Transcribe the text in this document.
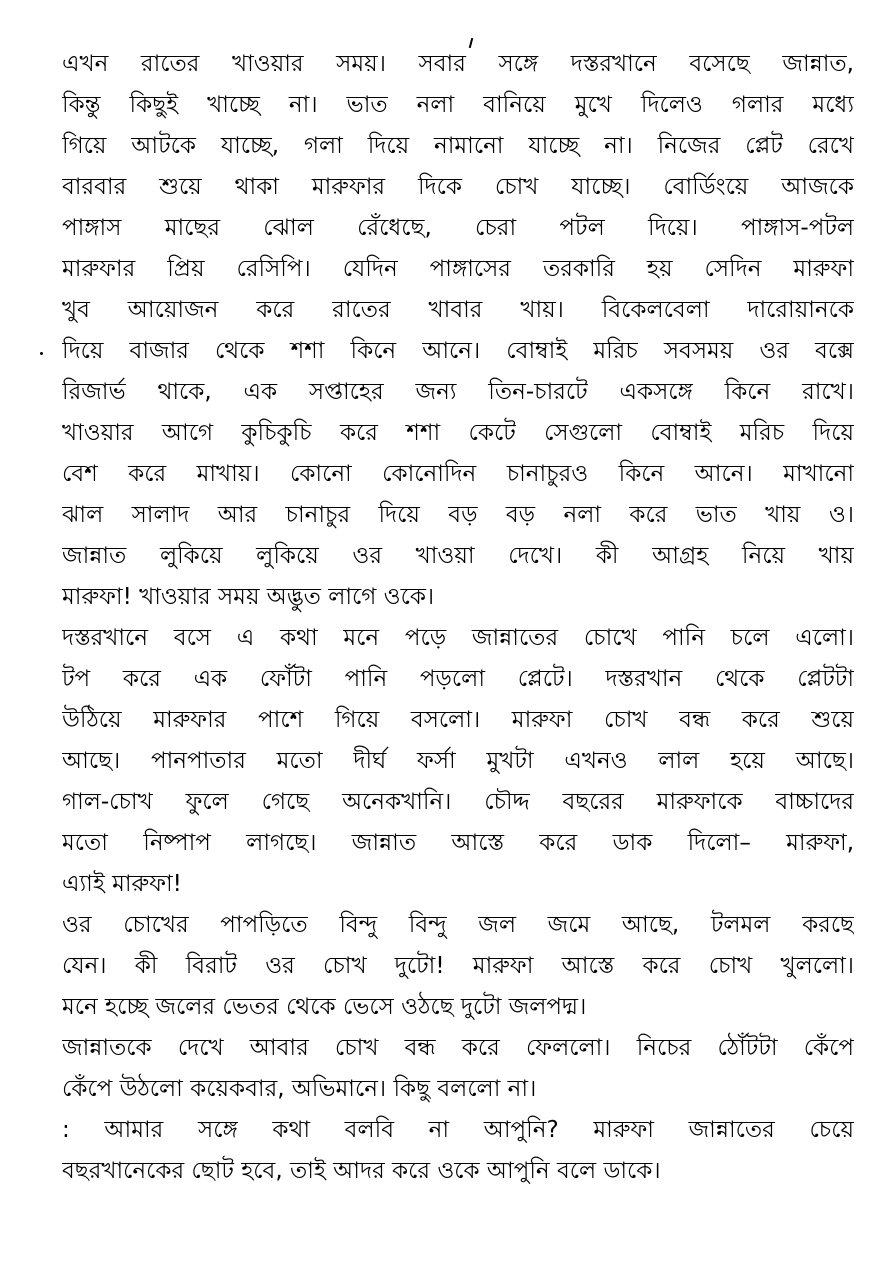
এখন রাতের খাওয়ার সময়। সবার সঙ্গে দস্তরখানে বসেছে জান্নাত,
কিন্তু কিছুই খাচ্ছে না। ভাত নলা বানিয়ে মুখে দিলেও গলার মধ্যে
গিয়ে আটকে যাচ্ছে, গলা দিয়ে নামানো যাচ্ছে না। নিজের প্লেট রেখে
বারবার শুয়ে থাকা মারুফার দিকে চোখ যাচ্ছে। বোর্ডিংয়ে আজকে
পাঙ্গাস মাছের ঝোল রেঁধেছে, চেরা পটল দিয়ে। পাঙ্গাস-পটল
মারুফার প্রিয় রেসিপি। যেদিন পাঙ্গাসের তরকারি হয় সেদিন মারুফা
খুব আয়োজন করে রাতের খাবার খায়। বিকেলবেলা দারোয়ানকে
দিয়ে বাজার থেকে শশা কিনে আনে। বোম্বাই মরিচ সবসময় ওর বক্সে
রিজার্ভ থাকে, এক সপ্তাহের জন্য তিন-চারটে একসঙ্গে কিনে রাখে।
খাওয়ার আগে কুচিকুচি করে শশা কেটে সেগুলো বোম্বাই মরিচ দিয়ে
বেশ করে মাখায়। কোনো কোনোদিন চানাচুরও কিনে আনে। মাখানো
ঝাল সালাদ আর চানাচুর দিয়ে বড় বড় নলা করে ভাত খায় ও।
জান্নাত লুকিয়ে লুকিয়ে ওর খাওয়া দেখে। কী আগ্রহ নিয়ে খায়
মারুফা! খাওয়ার সময় অদ্ভুত লাগে ওকে।
দস্তরখানে বসে এ কথা মনে পড়ে জান্নাতের চোখে পানি চলে এলো।
টপ করে এক ফোঁটা পানি পড়লো প্লেটে। দস্তরখান থেকে প্লেটটা
উঠিয়ে মারুফার পাশে গিয়ে বসলো। মারুফা চোখ বন্ধ করে শুয়ে
আছে। পানপাতার মতো দীর্ঘ ফর্সা মুখটা এখনও লাল হয়ে আছে।
গাল-চোখ ফুলে গেছে অনেকখানি। চৌদ্দ বছরের মারুফাকে বাচ্চাদের
মতো নিষ্পাপ লাগছে। জান্নাত আস্তে করে ডাক দিলো– মারুফা,
এ্যাই মারুফা!
ওর চোখের পাপড়িতে বিন্দু বিন্দু জল জমে আছে, টলমল করছে
যেন। কী বিরাট ওর চোখ দুটো! মারুফা আস্তে করে চোখ খুললো।
মনে হচ্ছে জলের ভেতর থেকে ভেসে ওঠছে দুটো জলপদ্ম।
জান্নাতকে দেখে আবার চোখ বন্ধ করে ফেললো। নিচের ঠোঁটটা কেঁপে
কেঁপে উঠলো কয়েকবার, অভিমানে। কিছু বললো না।
: আমার সঙ্গে কথা বলবি না আপুনি? মারুফা জান্নাতের চেয়ে
বছরখানেকের ছোট হবে, তাই আদর করে ওকে আপুনি বলে ডাকে।
